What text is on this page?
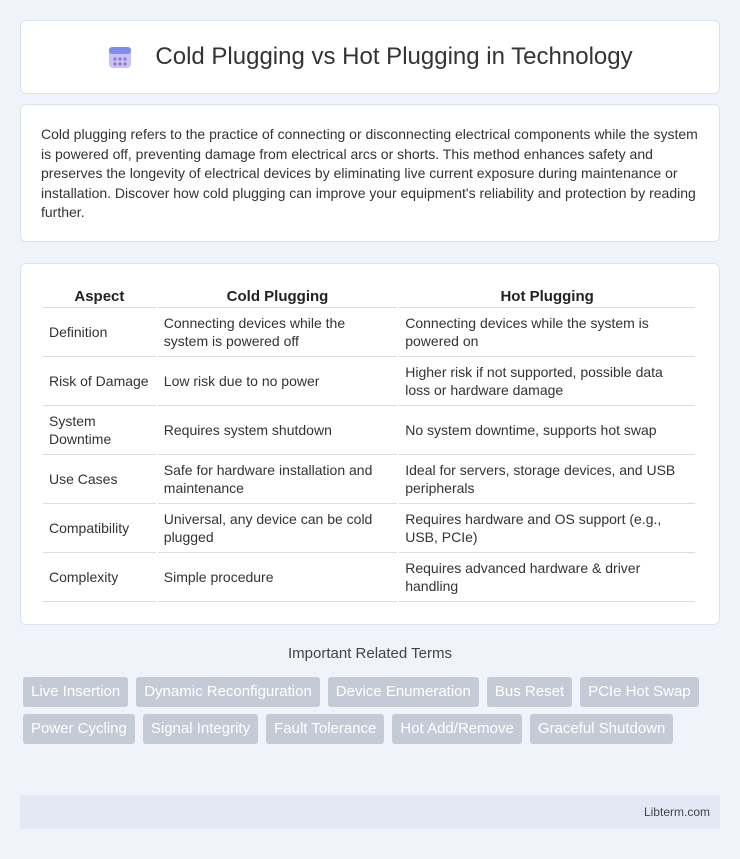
Cold Plugging vs Hot Plugging in Technology

Cold plugging refers to the practice of connecting or disconnecting electrical components while the system is powered off, preventing damage from electrical arcs or shorts. This method enhances safety and preserves the longevity of electrical devices by eliminating live current exposure during maintenance or installation. Discover how cold plugging can improve your equipment's reliability and protection by reading further.

Aspect	Cold Plugging	Hot Plugging
Definition	Connecting devices while the system is powered off	Connecting devices while the system is powered on
Risk of Damage	Low risk due to no power	Higher risk if not supported, possible data loss or hardware damage
System Downtime	Requires system shutdown	No system downtime, supports hot swap
Use Cases	Safe for hardware installation and maintenance	Ideal for servers, storage devices, and USB peripherals
Compatibility	Universal, any device can be cold plugged	Requires hardware and OS support (e.g., USB, PCIe)
Complexity	Simple procedure	Requires advanced hardware & driver handling
Important Related Terms
Live Insertion	Dynamic Reconfiguration	Device Enumeration	Bus Reset	PCIe Hot Swap
Power Cycling	Signal Integrity	Fault Tolerance	Hot Add/Remove	Graceful Shutdown
Libterm.com
